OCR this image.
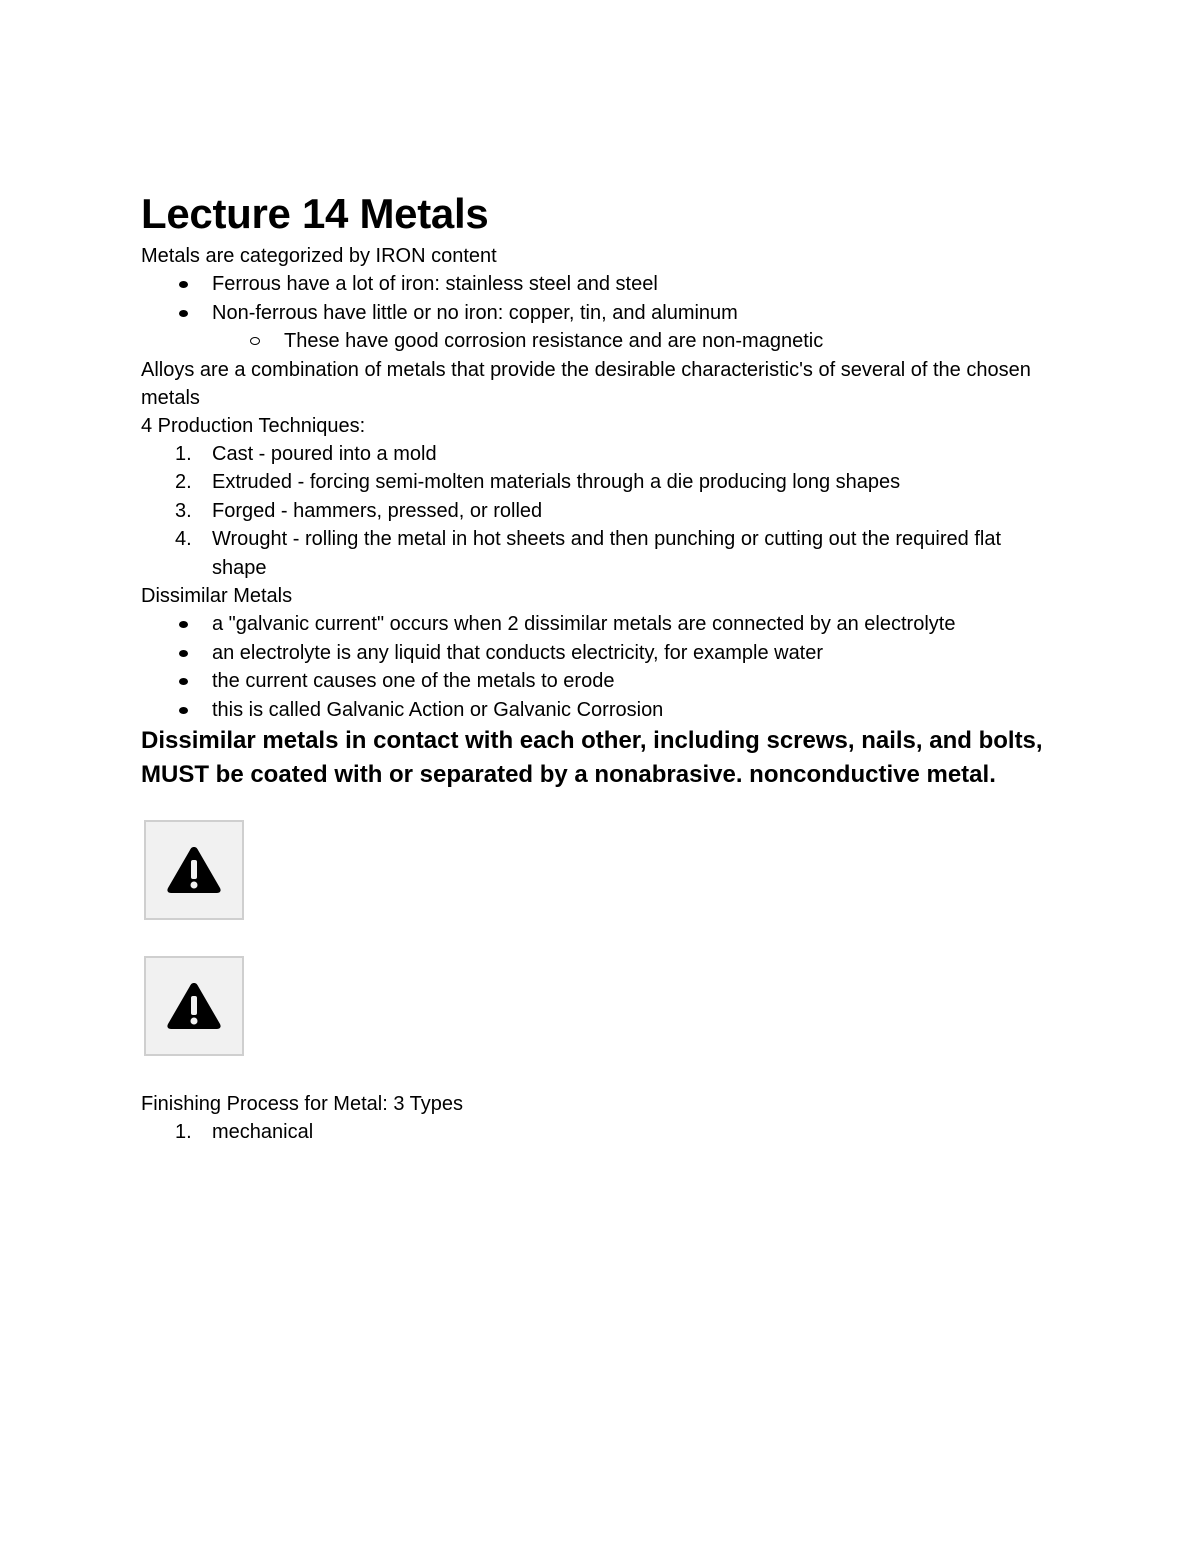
Lecture 14 Metals

Metals are categorized by IRON content

Ferrous have a lot of iron: stainless steel and steel
Non-ferrous have little or no iron: copper, tin, and aluminum
These have good corrosion resistance and are non-magnetic

Alloys are a combination of metals that provide the desirable characteristic's of several of the chosen metals

4 Production Techniques:

1.	Cast - poured into a mold
2.	Extruded - forcing semi-molten materials through a die producing long shapes
3.	Forged - hammers, pressed, or rolled
4.	Wrought - rolling the metal in hot sheets and then punching or cutting out the required flat shape

Dissimilar Metals

a "galvanic current" occurs when 2 dissimilar metals are connected by an electrolyte
an electrolyte is any liquid that conducts electricity, for example water
the current causes one of the metals to erode
this is called Galvanic Action or Galvanic Corrosion

Dissimilar metals in contact with each other, including screws, nails, and bolts, MUST be coated with or separated by a nonabrasive. nonconductive metal.

Finishing Process for Metal: 3 Types

1.	mechanical
